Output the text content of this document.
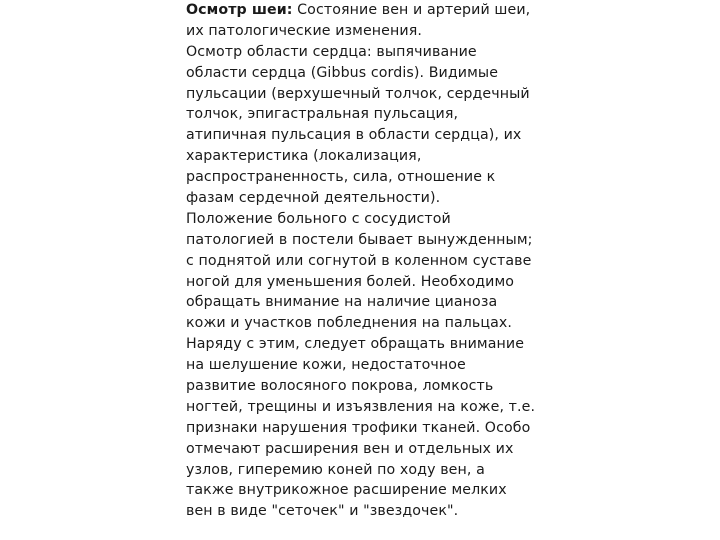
Осмотр шеи: Состояние вен и артерий шеи,
их патологические изменения.
Осмотр области сердца: выпячивание
области сердца (Gibbus cordis). Видимые
пульсации (верхушечный толчок, сердечный
толчок, эпигастральная пульсация,
атипичная пульсация в области сердца), их
характеристика (локализация,
распространенность, сила, отношение к
фазам сердечной деятельности).
Положение больного с сосудистой
патологией в постели бывает вынужденным;
с поднятой или согнутой в коленном суставе
ногой для уменьшения болей. Необходимо
обращать внимание на наличие цианоза
кожи и участков побледнения на пальцах.
Наряду с этим, следует обращать внимание
на шелушение кожи, недостаточное
развитие волосяного покрова, ломкость
ногтей, трещины и изъязвления на коже, т.е.
признаки нарушения трофики тканей. Особо
отмечают расширения вен и отдельных их
узлов, гиперемию коней по ходу вен, а
также внутрикожное расширение мелких
вен в виде "сеточек" и "звездочек".
